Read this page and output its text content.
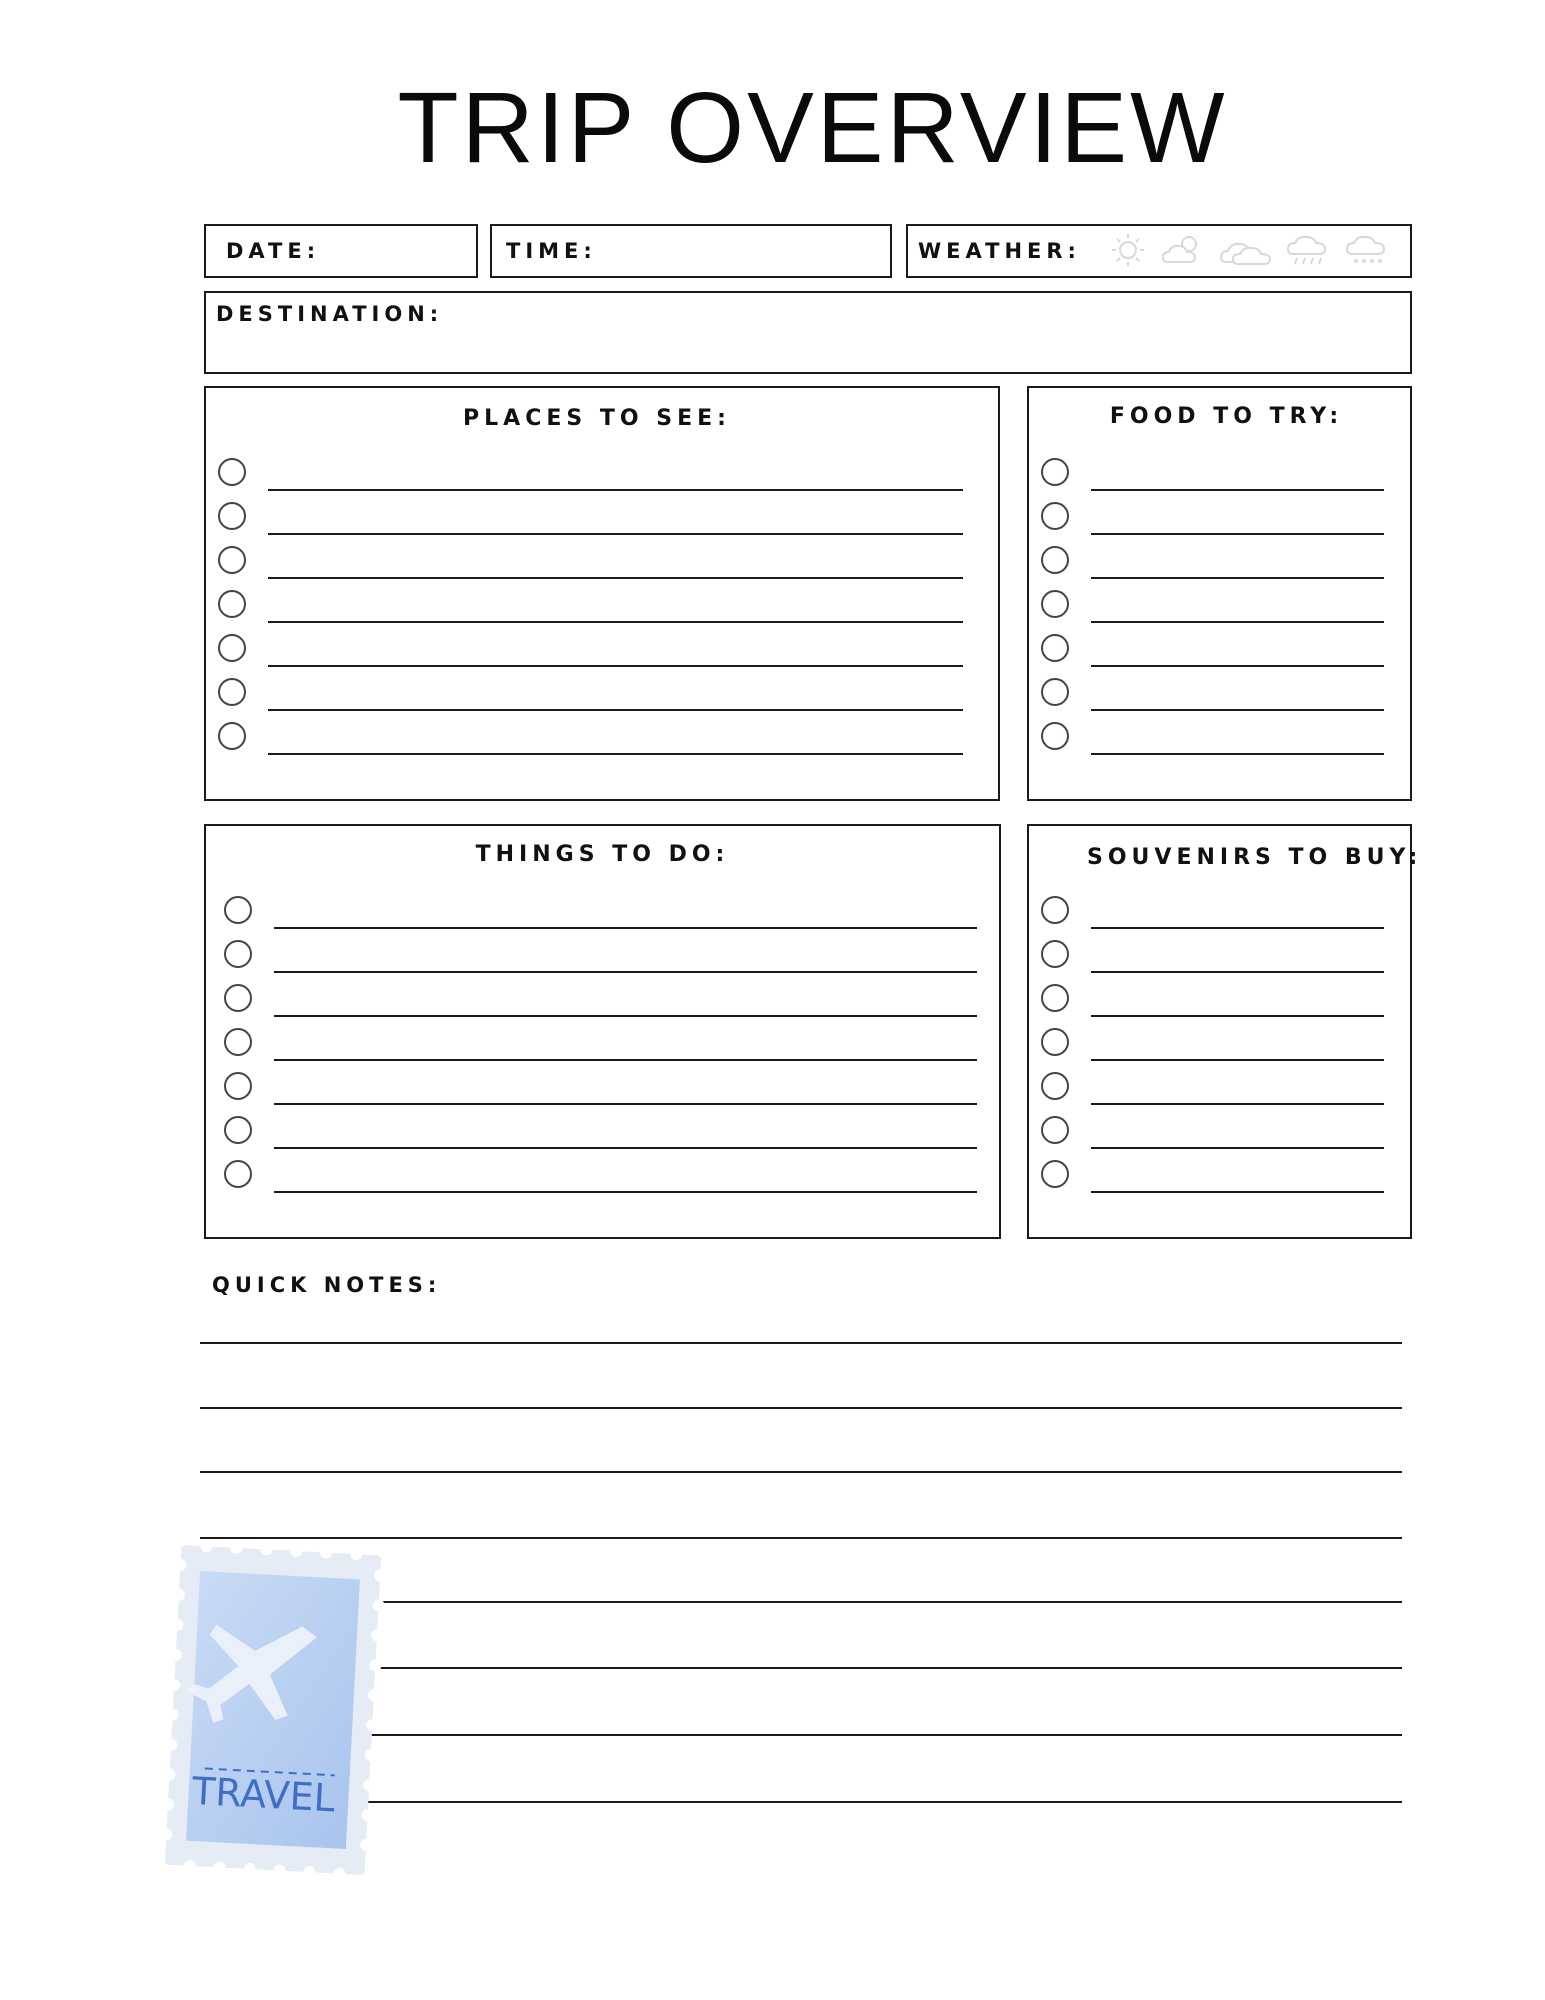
TRIP OVERVIEW
DATE:	TIME:	WEATHER:

DESTINATION:
PLACES TO SEE:	FOOD TO TRY:
THINGS TO DO:	SOUVENIRS TO BUY:
QUICK NOTES:
TRAVEL
